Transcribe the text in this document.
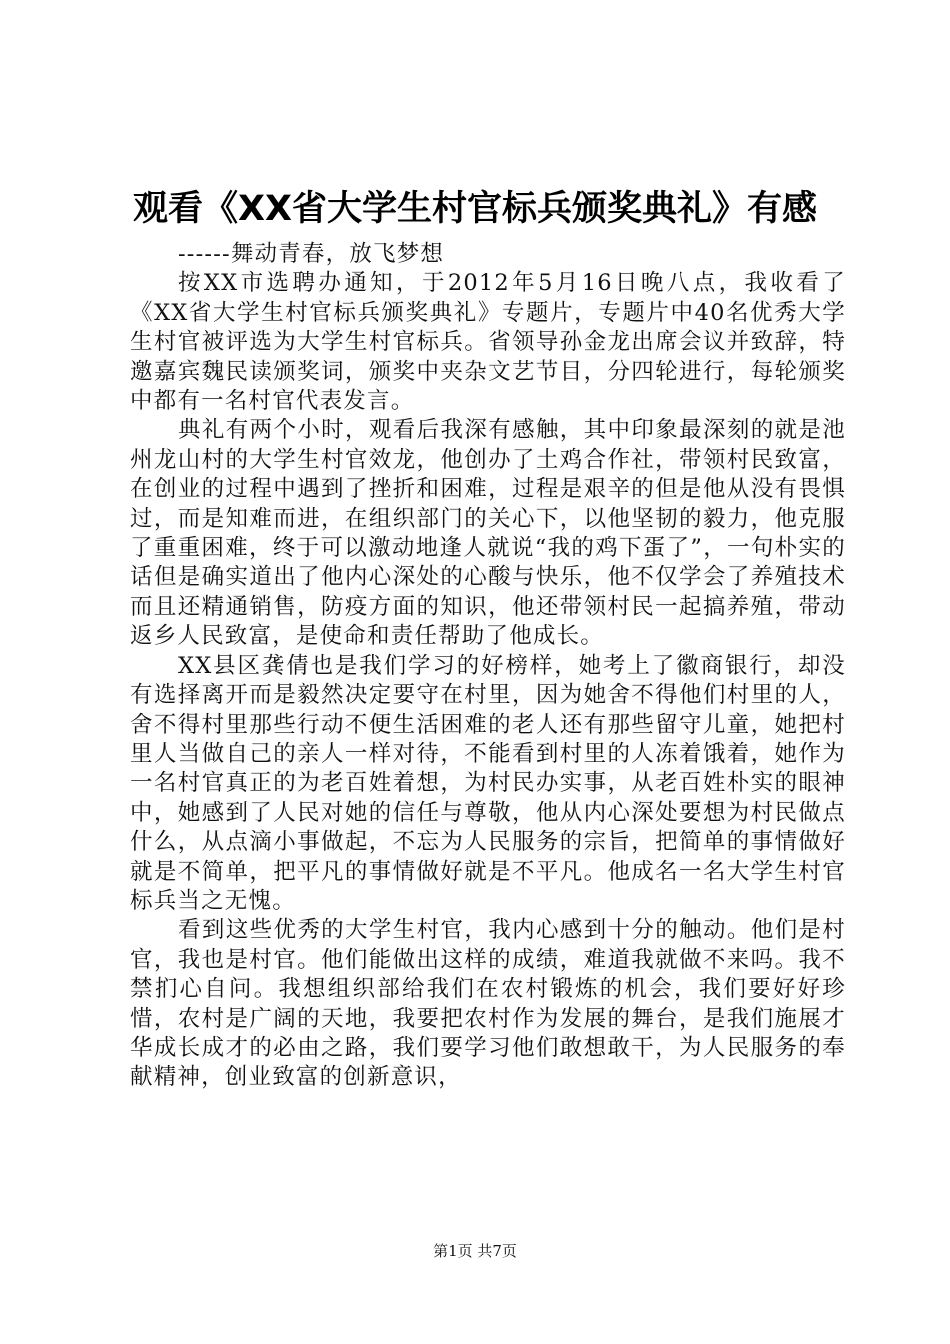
观看《XX省大学生村官标兵颁奖典礼》有感

------舞动青春，放飞梦想

按XX市选聘办通知，于2012年5月16日晚八点，我收看了《XX省大学生村官标兵颁奖典礼》专题片，专题片中40名优秀大学生村官被评选为大学生村官标兵。省领导孙金龙出席会议并致辞，特邀嘉宾魏民读颁奖词，颁奖中夹杂文艺节目，分四轮进行，每轮颁奖中都有一名村官代表发言。

典礼有两个小时，观看后我深有感触，其中印象最深刻的就是池州龙山村的大学生村官效龙，他创办了土鸡合作社，带领村民致富，在创业的过程中遇到了挫折和困难，过程是艰辛的但是他从没有畏惧过，而是知难而进，在组织部门的关心下，以他坚韧的毅力，他克服了重重困难，终于可以激动地逢人就说“我的鸡下蛋了”，一句朴实的话但是确实道出了他内心深处的心酸与快乐，他不仅学会了养殖技术而且还精通销售，防疫方面的知识，他还带领村民一起搞养殖，带动返乡人民致富，是使命和责任帮助了他成长。

XX县区龚倩也是我们学习的好榜样，她考上了徽商银行，却没有选择离开而是毅然决定要守在村里，因为她舍不得他们村里的人，舍不得村里那些行动不便生活困难的老人还有那些留守儿童，她把村里人当做自己的亲人一样对待，不能看到村里的人冻着饿着，她作为一名村官真正的为老百姓着想，为村民办实事，从老百姓朴实的眼神中，她感到了人民对她的信任与尊敬，他从内心深处要想为村民做点什么，从点滴小事做起，不忘为人民服务的宗旨，把简单的事情做好就是不简单，把平凡的事情做好就是不平凡。他成名一名大学生村官标兵当之无愧。

看到这些优秀的大学生村官，我内心感到十分的触动。他们是村官，我也是村官。他们能做出这样的成绩，难道我就做不来吗。我不禁扪心自问。我想组织部给我们在农村锻炼的机会，我们要好好珍惜，农村是广阔的天地，我要把农村作为发展的舞台，是我们施展才华成长成才的必由之路，我们要学习他们敢想敢干，为人民服务的奉献精神，创业致富的创新意识，

第1页 共7页
